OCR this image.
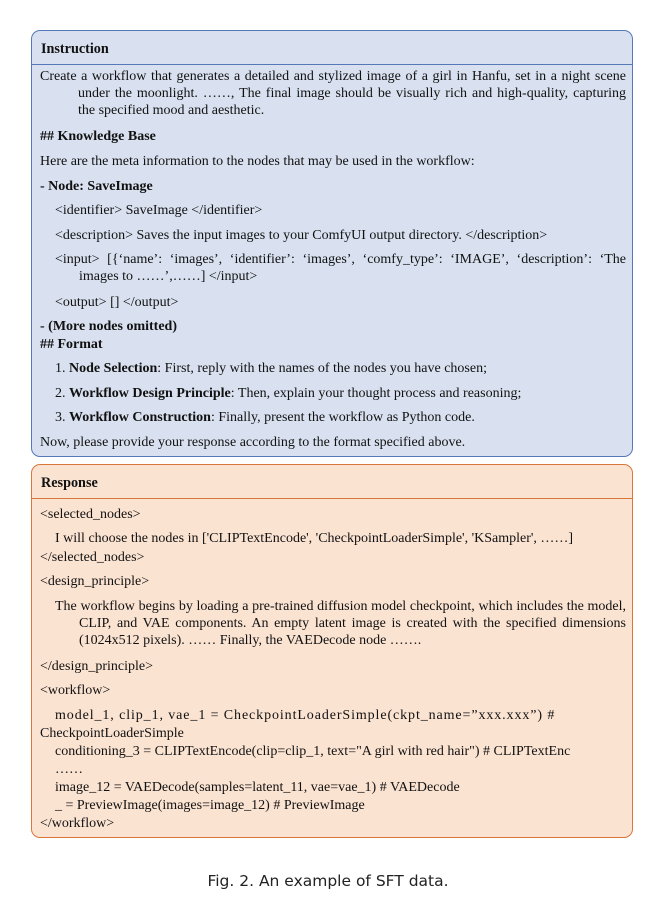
Instruction
Create a workflow that generates a detailed and stylized image of a girl in Hanfu, set in a night scene under the moonlight. ……, The final image should be visually rich and high-quality, capturing the specified mood and aesthetic.
## Knowledge Base
Here are the meta information to the nodes that may be used in the workflow:
- Node: SaveImage
<identifier> SaveImage </identifier>
<description> Saves the input images to your ComfyUI output directory. </description>
<input> [{‘name’: ‘images’, ‘identifier’: ‘images’, ‘comfy_type’: ‘IMAGE’, ‘description’: ‘The images to ……’,……] </input>
<output> [] </output>
- (More nodes omitted)
## Format
1. Node Selection: First, reply with the names of the nodes you have chosen;
2. Workflow Design Principle: Then, explain your thought process and reasoning;
3. Workflow Construction: Finally, present the workflow as Python code.
Now, please provide your response according to the format specified above.
Response
<selected_nodes>
I will choose the nodes in ['CLIPTextEncode', 'CheckpointLoaderSimple', 'KSampler', ……]
</selected_nodes>
<design_principle>
The workflow begins by loading a pre-trained diffusion model checkpoint, which includes the model, CLIP, and VAE components. An empty latent image is created with the specified dimensions (1024x512 pixels). …… Finally, the VAEDecode node …….
</design_principle>
<workflow>
model_1, clip_1, vae_1 = CheckpointLoaderSimple(ckpt_name=”xxx.xxx”) #
CheckpointLoaderSimple
conditioning_3 = CLIPTextEncode(clip=clip_1, text="A girl with red hair") # CLIPTextEnc
……
image_12 = VAEDecode(samples=latent_11, vae=vae_1) # VAEDecode
_ = PreviewImage(images=image_12) # PreviewImage
</workflow>
Fig. 2. An example of SFT data.
